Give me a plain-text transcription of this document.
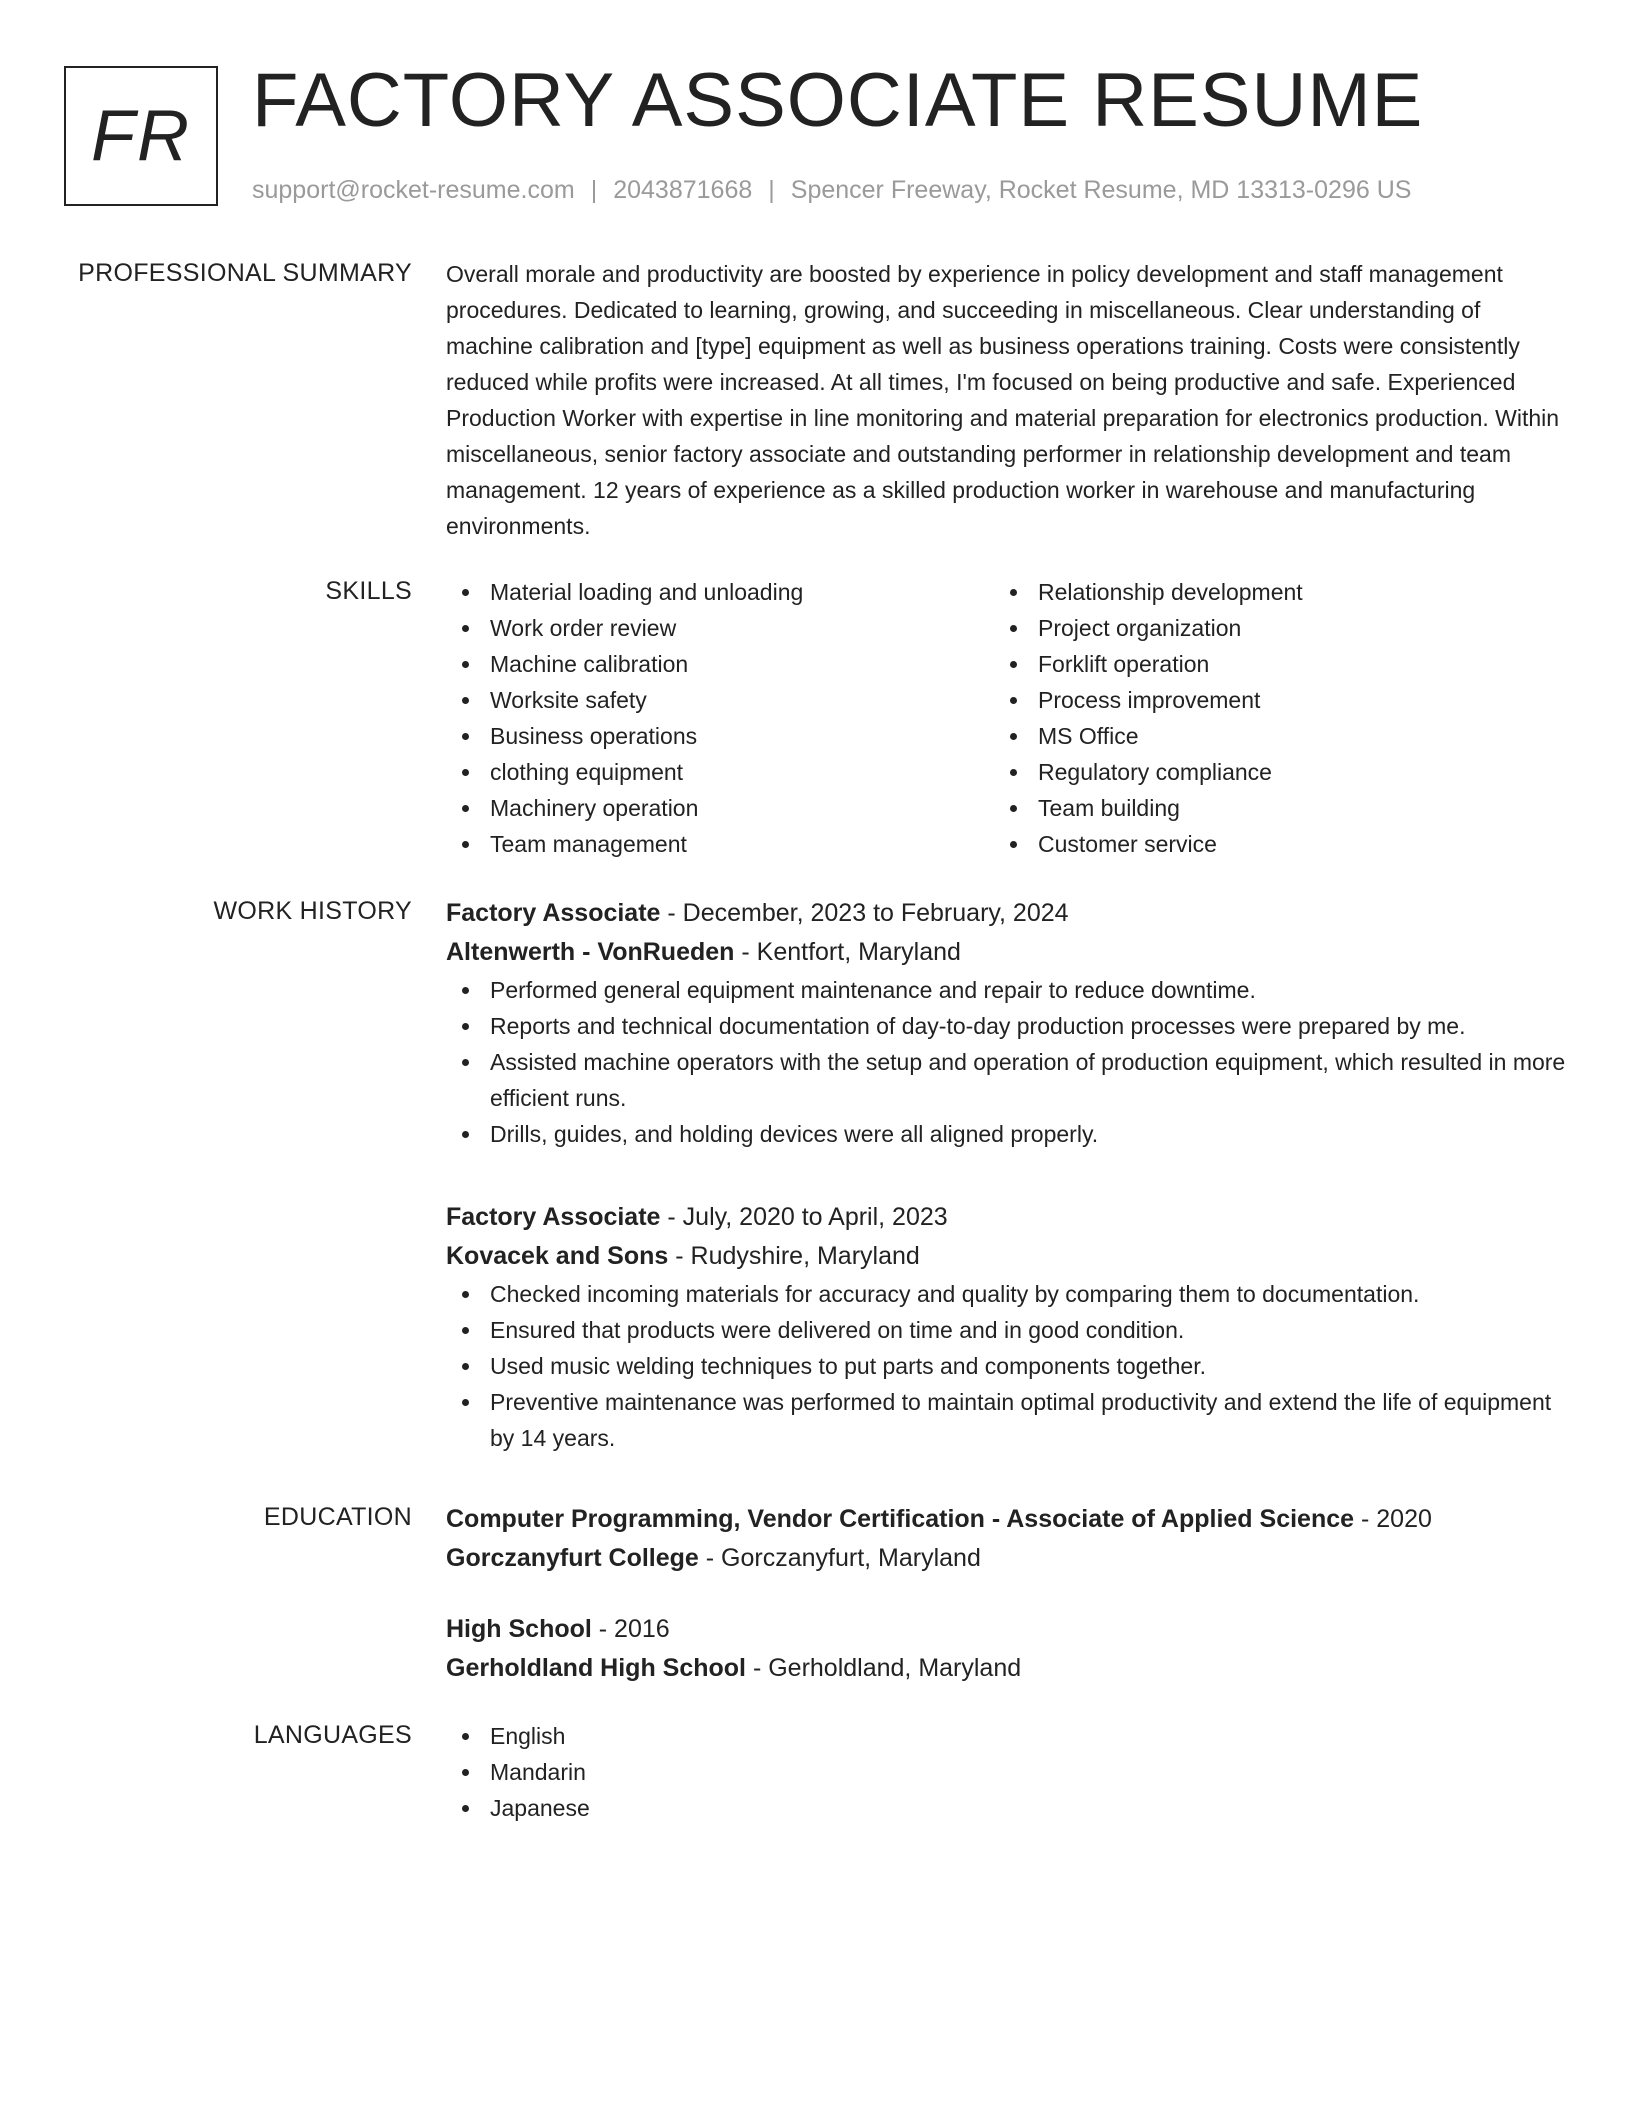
FR FACTORY ASSOCIATE RESUME
support@rocket-resume.com | 2043871668 | Spencer Freeway, Rocket Resume, MD 13313-0296 US
PROFESSIONAL SUMMARY Overall morale and productivity are boosted by experience in policy development and staff management procedures. Dedicated to learning, growing, and succeeding in miscellaneous. Clear understanding of machine calibration and [type] equipment as well as business operations training. Costs were consistently reduced while profits were increased. At all times, I'm focused on being productive and safe. Experienced Production Worker with expertise in line monitoring and material preparation for electronics production. Within miscellaneous, senior factory associate and outstanding performer in relationship development and team management. 12 years of experience as a skilled production worker in warehouse and manufacturing environments.

SKILLS	Material loading and unloading
Work order review
Machine calibration
Worksite safety
Business operations
clothing equipment
Machinery operation
Team management
Relationship development
Project organization
Forklift operation
Process improvement
MS Office
Regulatory compliance
Team building
Customer service
WORK HISTORY Factory Associate - December, 2023 to February, 2024
Altenwerth - VonRueden - Kentfort, Maryland
Performed general equipment maintenance and repair to reduce downtime.
Reports and technical documentation of day-to-day production processes were prepared by me.
Assisted machine operators with the setup and operation of production equipment, which resulted in more efficient runs.
Drills, guides, and holding devices were all aligned properly.
Factory Associate - July, 2020 to April, 2023
Kovacek and Sons - Rudyshire, Maryland
Checked incoming materials for accuracy and quality by comparing them to documentation.
Ensured that products were delivered on time and in good condition.
Used music welding techniques to put parts and components together.
Preventive maintenance was performed to maintain optimal productivity and extend the life of equipment by 14 years.
EDUCATION Computer Programming, Vendor Certification - Associate of Applied Science - 2020
Gorczanyfurt College - Gorczanyfurt, Maryland
High School - 2016
Gerholdland High School - Gerholdland, Maryland
LANGUAGES	English
Mandarin
Japanese
